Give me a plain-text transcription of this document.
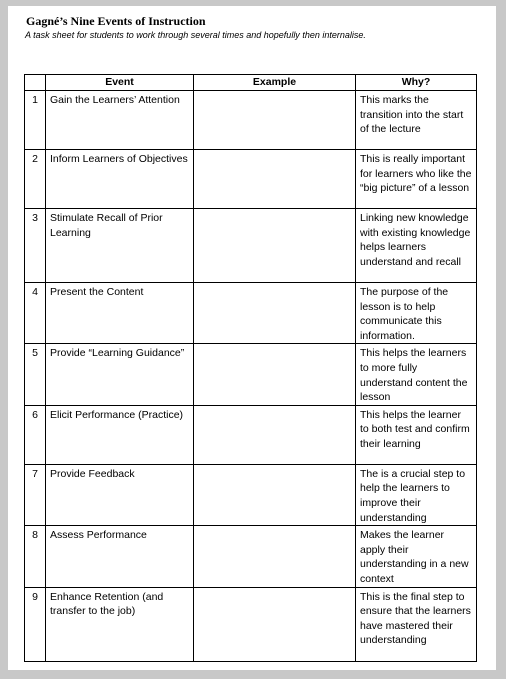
Gagné’s Nine Events of Instruction
A task sheet for students to work through several times and hopefully then internalise.
	Event	Example	Why?
1	Gain the Learners’ Attention		This marks the transition into the start of the lecture
2	Inform Learners of Objectives		This is really important for learners who like the “big picture” of a lesson
3	Stimulate Recall of Prior Learning		Linking new knowledge with existing knowledge helps learners understand and recall
4	Present the Content		The purpose of the lesson is to help communicate this information.
5	Provide “Learning Guidance”		This helps the learners to more fully understand content the lesson
6	Elicit Performance (Practice)		This helps the learner to both test and confirm their learning
7	Provide Feedback		The is a crucial step to help the learners to improve their understanding
8	Assess Performance		Makes the learner apply their understanding in a new context
9	Enhance Retention (and transfer to the job)		This is the final step to ensure that the learners have mastered their understanding
